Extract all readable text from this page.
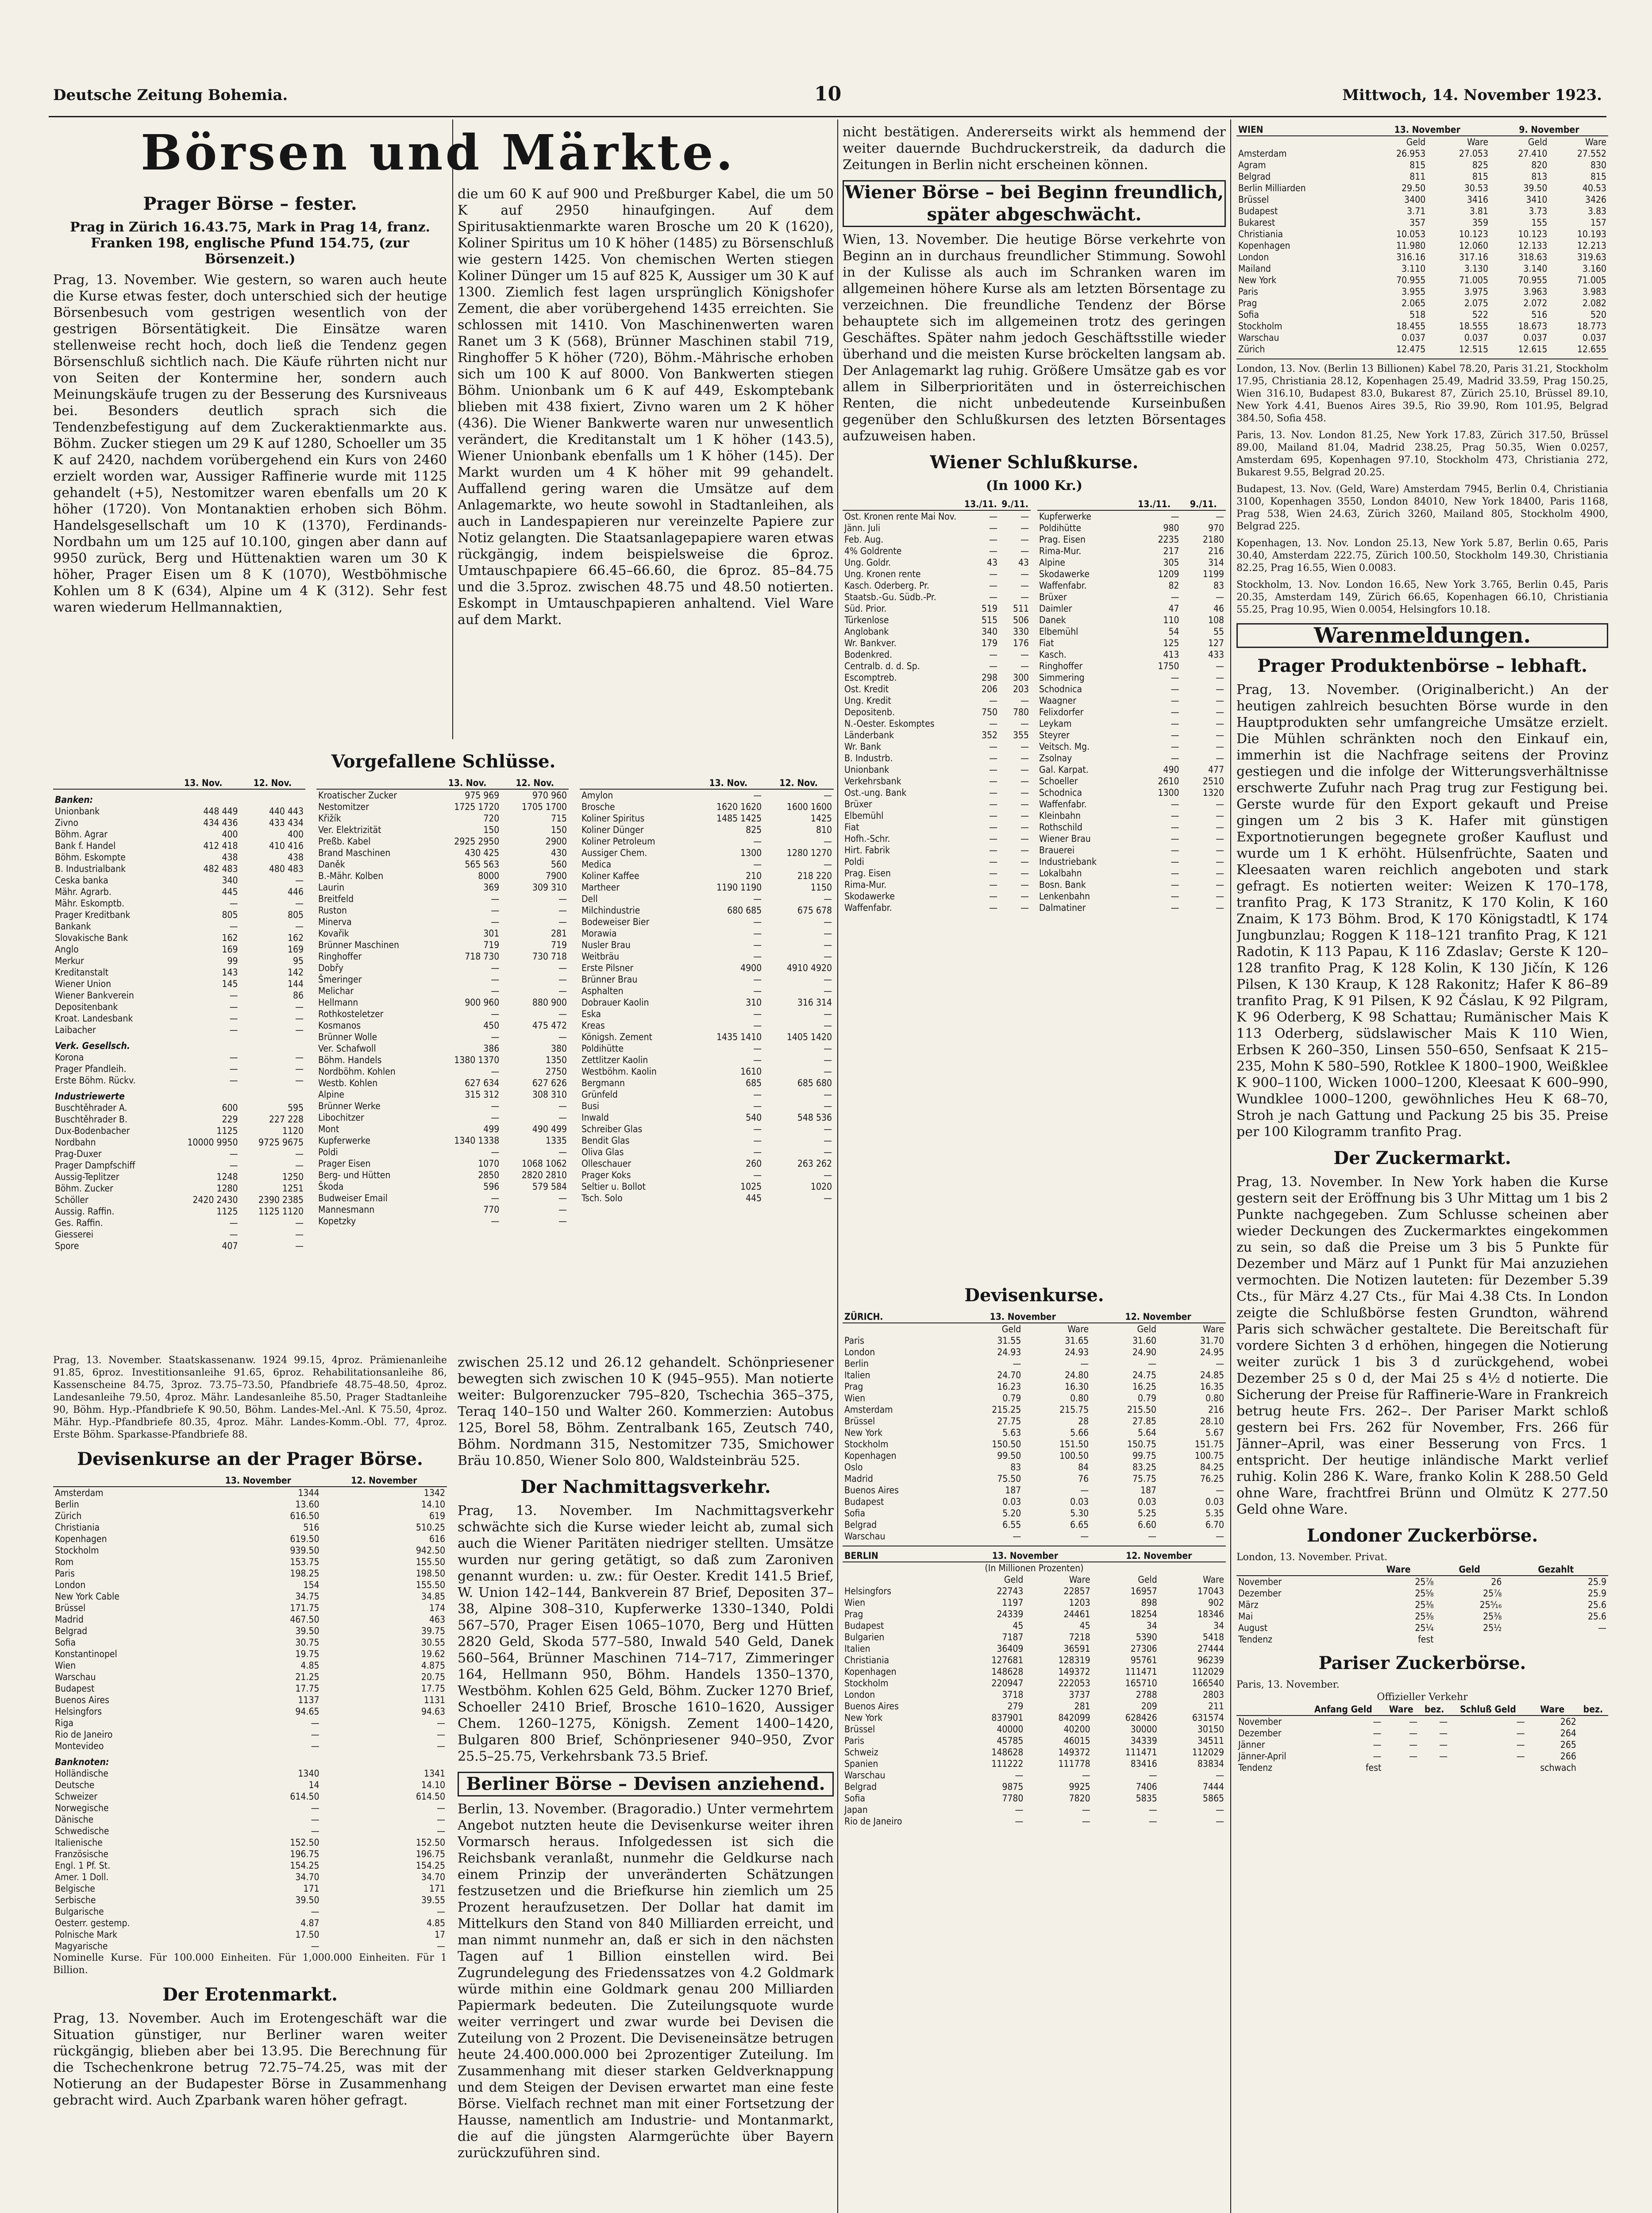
Deutsche Zeitung Bohemia.	10	Mittwoch, 14. November 1923.
Börsen und Märkte.
Prager Börse – fester.
Prag in Zürich 16.43.75, Mark in Prag 14, franz. Franken 198, englische Pfund 154.75, (zur Börsenzeit.)

Prag, 13. November. Wie gestern, so waren auch heute die Kurse etwas fester, doch unterschied sich der heutige Börsenbesuch vom gestrigen wesentlich von der gestrigen Börsentätigkeit. Die Einsätze waren stellenweise recht hoch, doch ließ die Tendenz gegen Börsenschluß sichtlich nach. Die Käufe rührten nicht nur von Seiten der Kontermine her, sondern auch Meinungskäufe trugen zu der Besserung des Kursniveaus bei. Besonders deutlich sprach sich die Tendenzbefestigung auf dem Zuckeraktienmarkte aus. Böhm. Zucker stiegen um 29 K auf 1280, Schoeller um 35 K auf 2420, nachdem vorübergehend ein Kurs von 2460 erzielt worden war, Aussiger Raffinerie wurde mit 1125 gehandelt (+5), Nestomitzer waren ebenfalls um 20 K höher (1720). Von Montanaktien erhoben sich Böhm. Handelsgesellschaft um 10 K (1370), Ferdinands-Nordbahn um um 125 auf 10.100, gingen aber dann auf 9950 zurück, Berg und Hüttenaktien waren um 30 K höher, Prager Eisen um 8 K (1070), Westböhmische Kohlen um 8 K (634), Alpine um 4 K (312). Sehr fest waren wiederum Hellmannaktien,

die um 60 K auf 900 und Preßburger Kabel, die um 50 K auf 2950 hinaufgingen. Auf dem Spiritusaktienmarkte waren Brosche um 20 K (1620), Koliner Spiritus um 10 K höher (1485) zu Börsenschluß wie gestern 1425. Von chemischen Werten stiegen Koliner Dünger um 15 auf 825 K, Aussiger um 30 K auf 1300. Ziemlich fest lagen ursprünglich Königshofer Zement, die aber vorübergehend 1435 erreichten. Sie schlossen mit 1410. Von Maschinenwerten waren Ranet um 3 K (568), Brünner Maschinen stabil 719, Ringhoffer 5 K höher (720), Böhm.-Mährische erhoben sich um 100 K auf 8000. Von Bankwerten stiegen Böhm. Unionbank um 6 K auf 449, Eskomptebank blieben mit 438 fixiert, Zivno waren um 2 K höher (436). Die Wiener Bankwerte waren nur unwesentlich verändert, die Kreditanstalt um 1 K höher (143.5), Wiener Unionbank ebenfalls um 1 K höher (145). Der Markt wurden um 4 K höher mit 99 gehandelt. Auffallend gering waren die Umsätze auf dem Anlagemarkte, wo heute sowohl in Stadtanleihen, als auch in Landespapieren nur vereinzelte Papiere zur Notiz gelangten. Die Staatsanlagepapiere waren etwas rückgängig, indem beispielsweise die 6proz. Umtauschpapiere 66.45–66.60, die 6proz. 85–84.75 und die 3.5proz. zwischen 48.75 und 48.50 notierten. Eskompt in Umtauschpapieren anhaltend. Viel Ware auf dem Markt.

Vorgefallene Schlüsse.
	13. Nov.	12. Nov.
Banken:		
Unionbank	448 449	440 443
Zivno	434 436	433 434
Böhm. Agrar	400	400
Bank f. Handel	412 418	410 416
Böhm. Eskompte	438	438
B. Industrialbank	482 483	480 483
Ceska banka	340	—
Mähr. Agrarb.	445	446
Mähr. Eskomptb.	—	—
Prager Kreditbank	805	805
Bankank	—	—
Slovakische Bank	162	162
Anglo	169	169
Merkur	99	95
Kreditanstalt	143	142
Wiener Union	145	144
Wiener Bankverein	—	86
Depositenbank	—	—
Kroat. Landesbank	—	—
Laibacher	—	—
Verk. Gesellsch.		
Korona	—	—
Prager Pfandleih.	—	—
Erste Böhm. Rückv.	—	—
Industriewerte		
Buschtěhrader A.	600	595
Buschtěhrader B.	229	227 228
Dux-Bodenbacher	1125	1120
Nordbahn	10000 9950	9725 9675
Prag-Duxer	—	—
Prager Dampfschiff	—	—
Aussig-Teplitzer	1248	1250
Böhm. Zucker	1280	1251
Schöller	2420 2430	2390 2385
Aussig. Raffin.	1125	1125 1120
Ges. Raffin.	—	—
Giesserei	—	—
Spore	407	—
	13. Nov.	12. Nov.
Kroatischer Zucker	975 969	970 960
Nestomitzer	1725 1720	1705 1700
Křižík	720	715
Ver. Elektrizität	150	150
Preßb. Kabel	2925 2950	2900
Brand Maschinen	430 425	430
Daněk	565 563	560
B.-Mähr. Kolben	8000	7900
Laurin	369	309 310
Breitfeld	—	—
Ruston	—	—
Minerva	—	—
Kovařik	301	281
Brünner Maschinen	719	719
Ringhoffer	718 730	730 718
Dobřy	—	—
Šmeringer	—	—
Melichar	—	—
Hellmann	900 960	880 900
Rothkosteletzer	—	—
Kosmanos	450	475 472
Brünner Wolle	—	—
Ver. Schafwoll	386	380
Böhm. Handels	1380 1370	1350
Nordböhm. Kohlen	—	2750
Westb. Kohlen	627 634	627 626
Alpine	315 312	308 310
Brünner Werke	—	—
Libochitzer	—	—
Mont	499	490 499
Kupferwerke	1340 1338	1335
Poldi	—	—
Prager Eisen	1070	1068 1062
Berg- und Hütten	2850	2820 2810
Škoda	596	579 584
Budweiser Email	—	—
Mannesmann	770	—
Kopetzky	—	—
	13. Nov.	12. Nov.
Amylon	—	—
Brosche	1620 1620	1600 1600
Koliner Spiritus	1485 1425	1425
Koliner Dünger	825	810
Koliner Petroleum	—	—
Aussiger Chem.	1300	1280 1270
Medica	—	—
Koliner Kaffee	210	218 220
Martheer	1190 1190	1150
Dell	—	—
Milchindustrie	680 685	675 678
Bodeweiser Bier	—	—
Morawia	—	—
Nusler Brau	—	—
Weitbräu	—	—
Erste Pilsner	4900	4910 4920
Brünner Brau	—	—
Asphalten	—	—
Dobrauer Kaolin	310	316 314
Eska	—	—
Kreas	—	—
Königsh. Zement	1435 1410	1405 1420
Poldihütte	—	—
Zettlitzer Kaolin	—	—
Westböhm. Kaolin	1610	—
Bergmann	685	685 680
Grünfeld	—	—
Busi	—	—
Inwald	540	548 536
Schreiber Glas	—	—
Bendit Glas	—	—
Oliva Glas	—	—
Olleschauer	260	263 262
Prager Koks	—	—
Seltier u. Bollot	1025	1020
Tsch. Solo	445	—

Prag, 13. November. Staatskassenanw. 1924 99.15, 4proz. Prämienanleihe 91.85, 6proz. Investitionsanleihe 91.65, 6proz. Rehabilitationsanleihe 86, Kassenscheine 84.75, 3proz. 73.75–73.50, Pfandbriefe 48.75–48.50, 4proz. Landesanleihe 79.50, 4proz. Mähr. Landesanleihe 85.50, Prager Stadtanleihe 90, Böhm. Hyp.-Pfandbriefe K 90.50, Böhm. Landes-Mel.-Anl. K 75.50, 4proz. Mähr. Hyp.-Pfandbriefe 80.35, 4proz. Mähr. Landes-Komm.-Obl. 77, 4proz. Erste Böhm. Sparkasse-Pfandbriefe 88.

Devisenkurse an der Prager Börse.
	13. November	12. November
Amsterdam	1344	1342
Berlin	13.60	14.10
Zürich	616.50	619
Christiania	516	510.25
Kopenhagen	619.50	616
Stockholm	939.50	942.50
Rom	153.75	155.50
Paris	198.25	198.50
London	154	155.50
New York Cable	34.75	34.85
Brüssel	171.75	174
Madrid	467.50	463
Belgrad	39.50	39.75
Sofia	30.75	30.55
Konstantinopel	19.75	19.62
Wien	4.85	4.875
Warschau	21.25	20.75
Budapest	17.75	17.75
Buenos Aires	1137	1131
Helsingfors	94.65	94.63
Riga	—	—
Rio de Janeiro	—	—
Montevideo	—	—
Banknoten:		
Holländische	1340	1341
Deutsche	14	14.10
Schweizer	614.50	614.50
Norwegische	—	—
Dänische	—	—
Schwedische	—	—
Italienische	152.50	152.50
Französische	196.75	196.75
Engl. 1 Pf. St.	154.25	154.25
Amer. 1 Doll.	34.70	34.70
Belgische	171	171
Serbische	39.50	39.55
Bulgarische	—	—
Oesterr. gestemp.	4.87	4.85
Polnische Mark	17.50	17
Magyarische	—	—

Nominelle Kurse. Für 100.000 Einheiten. Für 1,000.000 Einheiten. Für 1 Billion.

Der Erotenmarkt.

Prag, 13. November. Auch im Erotengeschäft war die Situation günstiger, nur Berliner waren weiter rückgängig, blieben aber bei 13.95. Die Berechnung für die Tschechenkrone betrug 72.75–74.25, was mit der Notierung an der Budapester Börse in Zusammenhang gebracht wird. Auch Zparbank waren höher gefragt.

zwischen 25.12 und 26.12 gehandelt. Schönpriesener bewegten sich zwischen 10 K (945–955). Man notierte weiter: Bulgorenzucker 795–820, Tschechia 365–375, Teraq 140–150 und Walter 260. Kommerzien: Autobus 125, Borel 58, Böhm. Zentralbank 165, Zeutsch 740, Böhm. Nordmann 315, Nestomitzer 735, Smichower Bräu 10.850, Wiener Solo 800, Waldsteinbräu 525.

Der Nachmittagsverkehr.

Prag, 13. November. Im Nachmittagsverkehr schwächte sich die Kurse wieder leicht ab, zumal sich auch die Wiener Paritäten niedriger stellten. Umsätze wurden nur gering getätigt, so daß zum Zaroniven genannt wurden: u. zw.: für Oester. Kredit 141.5 Brief, W. Union 142–144, Bankverein 87 Brief, Depositen 37–38, Alpine 308–310, Kupferwerke 1330–1340, Poldi 567–570, Prager Eisen 1065–1070, Berg und Hütten 2820 Geld, Skoda 577–580, Inwald 540 Geld, Danek 560–564, Brünner Maschinen 714–717, Zimmeringer 164, Hellmann 950, Böhm. Handels 1350–1370, Westböhm. Kohlen 625 Geld, Böhm. Zucker 1270 Brief, Schoeller 2410 Brief, Brosche 1610–1620, Aussiger Chem. 1260–1275, Königsh. Zement 1400–1420, Bulgaren 800 Brief, Schönpriesener 940–950, Zvor 25.5–25.75, Verkehrsbank 73.5 Brief.

Berliner Börse – Devisen anziehend.

Berlin, 13. November. (Bragoradio.) Unter vermehrtem Angebot nutzten heute die Devisenkurse weiter ihren Vormarsch heraus. Infolgedessen ist sich die Reichsbank veranlaßt, nunmehr die Geldkurse nach einem Prinzip der unveränderten Schätzungen festzusetzen und die Briefkurse hin ziemlich um 25 Prozent heraufzusetzen. Der Dollar hat damit im Mittelkurs den Stand von 840 Milliarden erreicht, und man nimmt nunmehr an, daß er sich in den nächsten Tagen auf 1 Billion einstellen wird. Bei Zugrundelegung des Friedenssatzes von 4.2 Goldmark würde mithin eine Goldmark genau 200 Milliarden Papiermark bedeuten. Die Zuteilungsquote wurde weiter verringert und zwar wurde bei Devisen die Zuteilung von 2 Prozent. Die Deviseneinsätze betrugen heute 24.400.000.000 bei 2prozentiger Zuteilung. Im Zusammenhang mit dieser starken Geldverknappung und dem Steigen der Devisen erwartet man eine feste Börse. Vielfach rechnet man mit einer Fortsetzung der Hausse, namentlich am Industrie- und Montanmarkt, die auf die jüngsten Alarmgerüchte über Bayern zurückzuführen sind.

nicht bestätigen. Andererseits wirkt als hemmend der weiter dauernde Buchdruckerstreik, da dadurch die Zeitungen in Berlin nicht erscheinen können.

Wiener Börse – bei Beginn freundlich, später abgeschwächt.

Wien, 13. November. Die heutige Börse verkehrte von Beginn an in durchaus freundlicher Stimmung. Sowohl in der Kulisse als auch im Schranken waren im allgemeinen höhere Kurse als am letzten Börsentage zu verzeichnen. Die freundliche Tendenz der Börse behauptete sich im allgemeinen trotz des geringen Geschäftes. Später nahm jedoch Geschäftsstille wieder überhand und die meisten Kurse bröckelten langsam ab. Der Anlagemarkt lag ruhig. Größere Umsätze gab es vor allem in Silberprioritäten und in österreichischen Renten, die nicht unbedeutende Kurseinbußen gegenüber den Schlußkursen des letzten Börsentages aufzuweisen haben.

Wiener Schlußkurse.
(In 1000 Kr.)
	13./11.	9./11.
Ost. Kronen rente Mai Nov.	—	—
Jänn. Juli	—	—
Feb. Aug.	—	—
4% Goldrente	—	—
Ung. Goldr.	43	43
Ung. Kronen rente	—	—
Kasch. Oderberg. Pr.	—	—
Staatsb.-Gu. Südb.-Pr.	—	—
Süd. Prior.	519	511
Türkenlose	515	506
Anglobank	340	330
Wr. Bankver.	179	176
Bodenkred.	—	—
Centralb. d. d. Sp.	—	—
Escomptreb.	298	300
Ost. Kredit	206	203
Ung. Kredit	—	—
Depositenb.	750	780
N.-Oester. Eskomptes	—	—
Länderbank	352	355
Wr. Bank	—	—
B. Industrb.	—	—
Unionbank	—	—
Verkehrsbank	—	—
Ost.-ung. Bank	—	—
Brüxer	—	—
Elbemühl	—	—
Fiat	—	—
Hofh.-Schr.	—	—
Hirt. Fabrik	—	—
Poldi	—	—
Prag. Eisen	—	—
Rima-Mur.	—	—
Skodawerke	—	—
Waffenfabr.	—	—
	13./11.	9./11.
Kupferwerke	—	—
Poldihütte	980	970
Prag. Eisen	2235	2180
Rima-Mur.	217	216
Alpine	305	314
Skodawerke	1209	1199
Waffenfabr.	82	83
Brüxer	—	—
Daimler	47	46
Danek	110	108
Elbemühl	54	55
Fiat	125	127
Kasch.	413	433
Ringhoffer	1750	—
Simmering	—	—
Schodnica	—	—
Waagner	—	—
Felixdorfer	—	—
Leykam	—	—
Steyrer	—	—
Veitsch. Mg.	—	—
Zsolnay	—	—
Gal. Karpat.	490	477
Schoeller	2610	2510
Schodnica	1300	1320
Waffenfabr.	—	—
Kleinbahn	—	—
Rothschild	—	—
Wiener Brau	—	—
Brauerei	—	—
Industriebank	—	—
Lokalbahn	—	—
Bosn. Bank	—	—
Lenkenbahn	—	—
Dalmatiner	—	—
Devisenkurse.
ZÜRICH.	13. November		12. November	
	Geld	Ware	Geld	Ware
Paris	31.55	31.65	31.60	31.70
London	24.93	24.93	24.90	24.95
Berlin	—	—	—	—
Italien	24.70	24.80	24.75	24.85
Prag	16.23	16.30	16.25	16.35
Wien	0.79	0.80	0.79	0.80
Amsterdam	215.25	215.75	215.50	216
Brüssel	27.75	28	27.85	28.10
New York	5.63	5.66	5.64	5.67
Stockholm	150.50	151.50	150.75	151.75
Kopenhagen	99.50	100.50	99.75	100.75
Oslo	83	84	83.25	84.25
Madrid	75.50	76	75.75	76.25
Buenos Aires	187	—	187	—
Budapest	0.03	0.03	0.03	0.03
Sofia	5.20	5.30	5.25	5.35
Belgrad	6.55	6.65	6.60	6.70
Warschau	—	—	—	—
BERLIN	13. November		12. November	
(In Millionen Prozenten)				
	Geld	Ware	Geld	Ware
Helsingfors	22743	22857	16957	17043
Wien	1197	1203	898	902
Prag	24339	24461	18254	18346
Budapest	45	45	34	34
Bulgarien	7187	7218	5390	5418
Italien	36409	36591	27306	27444
Christiania	127681	128319	95761	96239
Kopenhagen	148628	149372	111471	112029
Stockholm	220947	222053	165710	166540
London	3718	3737	2788	2803
Buenos Aires	279	281	209	211
New York	837901	842099	628426	631574
Brüssel	40000	40200	30000	30150
Paris	45785	46015	34339	34511
Schweiz	148628	149372	111471	112029
Spanien	111222	111778	83416	83834
Warschau	—	—	—	—
Belgrad	9875	9925	7406	7444
Sofia	7780	7820	5835	5865
Japan	—	—	—	—
Rio de Janeiro	—	—	—	—
WIEN	13. November		9. November	
	Geld	Ware	Geld	Ware
Amsterdam	26.953	27.053	27.410	27.552
Agram	815	825	820	830
Belgrad	811	815	813	815
Berlin Milliarden	29.50	30.53	39.50	40.53
Brüssel	3400	3416	3410	3426
Budapest	3.71	3.81	3.73	3.83
Bukarest	357	359	155	157
Christiania	10.053	10.123	10.123	10.193
Kopenhagen	11.980	12.060	12.133	12.213
London	316.16	317.16	318.63	319.63
Mailand	3.110	3.130	3.140	3.160
New York	70.955	71.005	70.955	71.005
Paris	3.955	3.975	3.963	3.983
Prag	2.065	2.075	2.072	2.082
Sofia	518	522	516	520
Stockholm	18.455	18.555	18.673	18.773
Warschau	0.037	0.037	0.037	0.037
Zürich	12.475	12.515	12.615	12.655

London, 13. Nov. (Berlin 13 Billionen) Kabel 78.20, Paris 31.21, Stockholm 17.95, Christiania 28.12, Kopenhagen 25.49, Madrid 33.59, Prag 150.25, Wien 316.10, Budapest 83.0, Bukarest 87, Zürich 25.10, Brüssel 89.10, New York 4.41, Buenos Aires 39.5, Rio 39.90, Rom 101.95, Belgrad 384.50, Sofia 458.

Paris, 13. Nov. London 81.25, New York 17.83, Zürich 317.50, Brüssel 89.00, Mailand 81.04, Madrid 238.25, Prag 50.35, Wien 0.0257, Amsterdam 695, Kopenhagen 97.10, Stockholm 473, Christiania 272, Bukarest 9.55, Belgrad 20.25.

Budapest, 13. Nov. (Geld, Ware) Amsterdam 7945, Berlin 0.4, Christiania 3100, Kopenhagen 3550, London 84010, New York 18400, Paris 1168, Prag 538, Wien 24.63, Zürich 3260, Mailand 805, Stockholm 4900, Belgrad 225.

Kopenhagen, 13. Nov. London 25.13, New York 5.87, Berlin 0.65, Paris 30.40, Amsterdam 222.75, Zürich 100.50, Stockholm 149.30, Christiania 82.25, Prag 16.55, Wien 0.0083.

Stockholm, 13. Nov. London 16.65, New York 3.765, Berlin 0.45, Paris 20.35, Amsterdam 149, Zürich 66.65, Kopenhagen 66.10, Christiania 55.25, Prag 10.95, Wien 0.0054, Helsingfors 10.18.

Warenmeldungen.
Prager Produktenbörse – lebhaft.

Prag, 13. November. (Originalbericht.) An der heutigen zahlreich besuchten Börse wurde in den Hauptprodukten sehr umfangreiche Umsätze erzielt. Die Mühlen schränkten noch den Einkauf ein, immerhin ist die Nachfrage seitens der Provinz gestiegen und die infolge der Witterungsverhältnisse erschwerte Zufuhr nach Prag trug zur Festigung bei. Gerste wurde für den Export gekauft und Preise gingen um 2 bis 3 K. Hafer mit günstigen Exportnotierungen begegnete großer Kauflust und wurde um 1 K erhöht. Hülsenfrüchte, Saaten und Kleesaaten waren reichlich angeboten und stark gefragt. Es notierten weiter: Weizen K 170–178, tranfito Prag, K 173 Stranitz, K 170 Kolin, K 160 Znaim, K 173 Böhm. Brod, K 170 Königstadtl, K 174 Jungbunzlau; Roggen K 118–121 tranfito Prag, K 121 Radotin, K 113 Papau, K 116 Zdaslav; Gerste K 120–128 tranfito Prag, K 128 Kolin, K 130 Jičín, K 126 Pilsen, K 130 Kraup, K 128 Rakonitz; Hafer K 86–89 tranfito Prag, K 91 Pilsen, K 92 Čáslau, K 92 Pilgram, K 96 Oderberg, K 98 Schattau; Rumänischer Mais K 113 Oderberg, südslawischer Mais K 110 Wien, Erbsen K 260–350, Linsen 550–650, Senfsaat K 215–235, Mohn K 580–590, Rotklee K 1800–1900, Weißklee K 900–1100, Wicken 1000–1200, Kleesaat K 600–990, Wundklee 1000–1200, gewöhnliches Heu K 68–70, Stroh je nach Gattung und Packung 25 bis 35. Preise per 100 Kilogramm tranfito Prag.

Der Zuckermarkt.

Prag, 13. November. In New York haben die Kurse gestern seit der Eröffnung bis 3 Uhr Mittag um 1 bis 2 Punkte nachgegeben. Zum Schlusse scheinen aber wieder Deckungen des Zuckermarktes eingekommen zu sein, so daß die Preise um 3 bis 5 Punkte für Dezember und März auf 1 Punkt für Mai anzuziehen vermochten. Die Notizen lauteten: für Dezember 5.39 Cts., für März 4.27 Cts., für Mai 4.38 Cts. In London zeigte die Schlußbörse festen Grundton, während Paris sich schwächer gestaltete. Die Bereitschaft für vordere Sichten 3 d erhöhen, hingegen die Notierung weiter zurück 1 bis 3 d zurückgehend, wobei Dezember 25 s 0 d, der Mai 25 s 4½ d notierte. Die Sicherung der Preise für Raffinerie-Ware in Frankreich betrug heute Frs. 262–. Der Pariser Markt schloß gestern bei Frs. 262 für November, Frs. 266 für Jänner–April, was einer Besserung von Frcs. 1 entspricht. Der heutige inländische Markt verlief ruhig. Kolin 286 K. Ware, franko Kolin K 288.50 Geld ohne Ware, frachtfrei Brünn und Olmütz K 277.50 Geld ohne Ware.

Londoner Zuckerbörse.
London, 13. November. Privat.
	Ware	Geld	Gezahlt
November	25⅞	26	25.9
Dezember	25⅝	25⅞	25.9
März	25⅜	25⁵⁄₁₆	25.6
Mai	25⅜	25⅜	25.6
August	25¼	25½	—
Tendenz	fest		
Pariser Zuckerbörse.
Paris, 13. November.
Offizieller Verkehr
	Anfang Geld	Ware	bez.	Schluß Geld	Ware	bez.
November	—	—	—	—	262	
Dezember	—	—	—	—	264	
Jänner	—	—	—	—	265	
Jänner-April	—	—	—	—	266	
Tendenz	fest				schwach	
